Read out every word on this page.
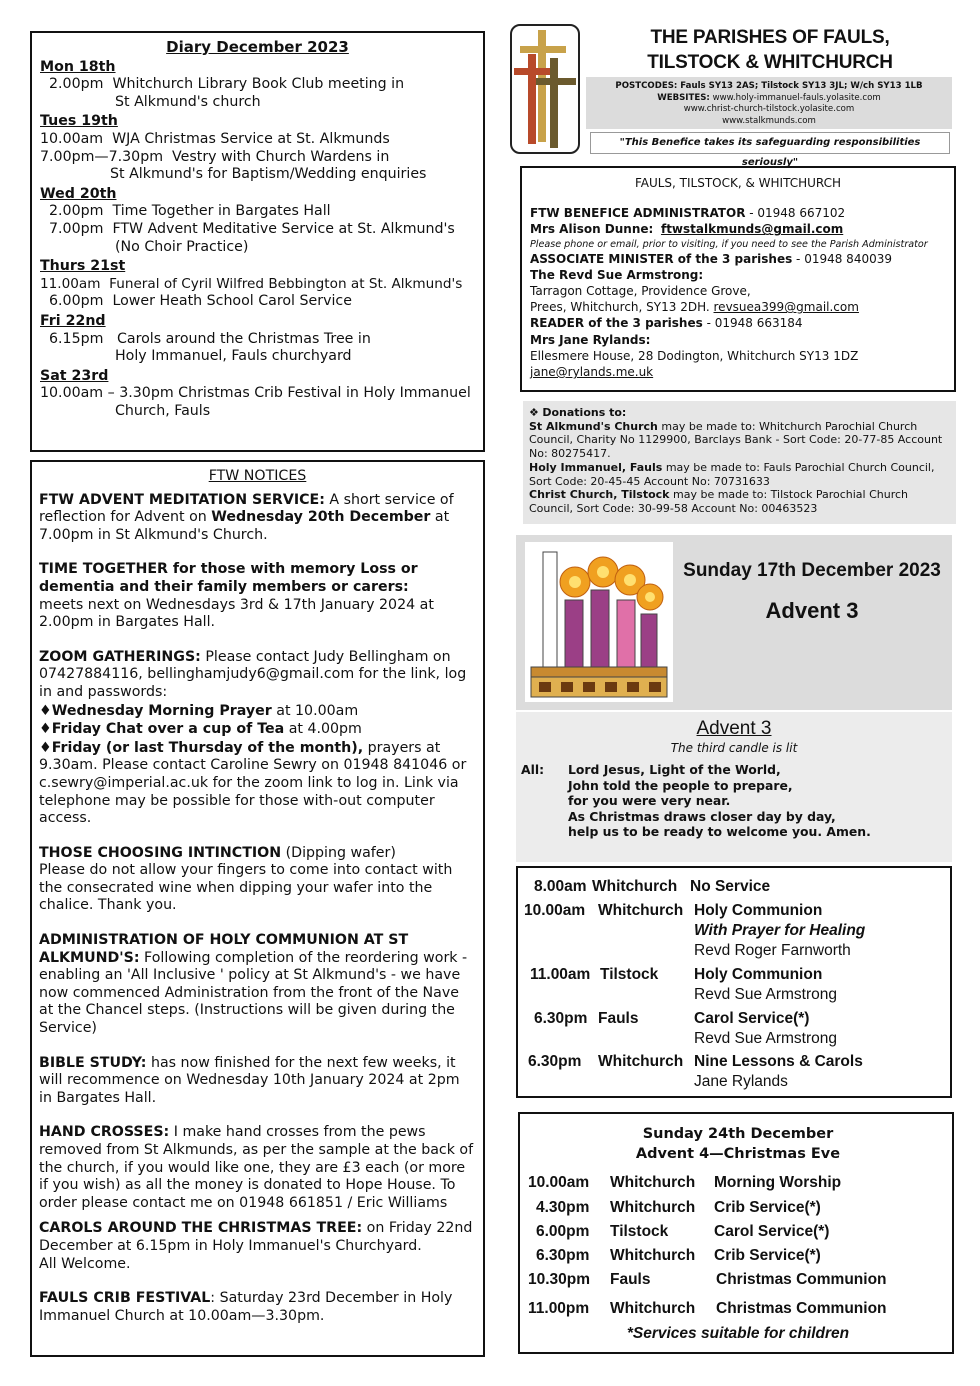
Diary December 2023
Mon 18th
2.00pm Whitchurch Library Book Club meeting in
St Alkmund's church
Tues 19th
10.00am WJA Christmas Service at St. Alkmunds
7.00pm—7.30pm Vestry with Church Wardens in
St Alkmund's for Baptism/Wedding enquiries
Wed 20th
2.00pm Time Together in Bargates Hall
7.00pm FTW Advent Meditative Service at St. Alkmund's
(No Choir Practice)
Thurs 21st
11.00am Funeral of Cyril Wilfred Bebbington at St. Alkmund's
6.00pm Lower Heath School Carol Service
Fri 22nd
6.15pm Carols around the Christmas Tree in
Holy Immanuel, Fauls churchyard
Sat 23rd
10.00am – 3.30pm Christmas Crib Festival in Holy Immanuel
Church, Fauls
FTW NOTICES
FTW ADVENT MEDITATION SERVICE: A short service of reflection for Advent on Wednesday 20th December at 7.00pm in St Alkmund's Church.
TIME TOGETHER for those with memory Loss or dementia and their family members or carers:
meets next on Wednesdays 3rd & 17th January 2024 at 2.00pm in Bargates Hall.
ZOOM GATHERINGS: Please contact Judy Bellingham on 07427884116, bellinghamjudy6@gmail.com for the link, log in and passwords:
♦Wednesday Morning Prayer at 10.00am
♦Friday Chat over a cup of Tea at 4.00pm
♦Friday (or last Thursday of the month), prayers at 9.30am. Please contact Caroline Sewry on 01948 841046 or c.sewry@imperial.ac.uk for the zoom link to log in. Link via telephone may be possible for those with-out computer access.
THOSE CHOOSING INTINCTION (Dipping wafer)
Please do not allow your fingers to come into contact with the consecrated wine when dipping your wafer into the chalice. Thank you.
ADMINISTRATION OF HOLY COMMUNION AT ST ALKMUND'S: Following completion of the reordering work - enabling an 'All Inclusive ' policy at St Alkmund's - we have now commenced Administration from the front of the Nave at the Chancel steps. (Instructions will be given during the Service)
BIBLE STUDY: has now finished for the next few weeks, it will recommence on Wednesday 10th January 2024 at 2pm in Bargates Hall.
HAND CROSSES: I make hand crosses from the pews removed from St Alkmunds, as per the sample at the back of the church, if you would like one, they are £3 each (or more if you wish) as all the money is donated to Hope House. To order please contact me on 01948 661851 / Eric Williams
CAROLS AROUND THE CHRISTMAS TREE: on Friday 22nd December at 6.15pm in Holy Immanuel's Churchyard.
All Welcome.
FAULS CRIB FESTIVAL: Saturday 23rd December in Holy Immanuel Church at 10.00am—3.30pm.
THE PARISHES OF FAULS,
TILSTOCK & WHITCHURCH
POSTCODES: Fauls SY13 2AS; Tilstock SY13 3JL; W/ch SY13 1LB
WEBSITES: www.holy-immanuel-fauls.yolasite.com
www.christ-church-tilstock.yolasite.com
www.stalkmunds.com
"This Benefice takes its safeguarding responsibilities seriously"
FAULS, TILSTOCK, & WHITCHURCH
FTW BENEFICE ADMINISTRATOR - 01948 667102
Mrs Alison Dunne: ftwstalkmunds@gmail.com
Please phone or email, prior to visiting, if you need to see the Parish Administrator
ASSOCIATE MINISTER of the 3 parishes - 01948 840039
The Revd Sue Armstrong:
Tarragon Cottage, Providence Grove,
Prees, Whitchurch, SY13 2DH. revsuea399@gmail.com
READER of the 3 parishes - 01948 663184
Mrs Jane Rylands:
Ellesmere House, 28 Dodington, Whitchurch SY13 1DZ
jane@rylands.me.uk
❖ Donations to:
St Alkmund's Church may be made to: Whitchurch Parochial Church Council, Charity No 1129900, Barclays Bank - Sort Code: 20-77-85 Account No: 80275417.
Holy Immanuel, Fauls may be made to: Fauls Parochial Church Council, Sort Code: 20-45-45 Account No: 70731633
Christ Church, Tilstock may be made to: Tilstock Parochial Church Council, Sort Code: 30-99-58 Account No: 00463523
Sunday 17th December 2023
Advent 3
Advent 3
The third candle is lit
All: Lord Jesus, Light of the World,
John told the people to prepare,
for you were very near.
As Christmas draws closer day by day,
help us to be ready to welcome you. Amen.
8.00am Whitchurch No Service
10.00am Whitchurch Holy Communion
With Prayer for Healing
Revd Roger Farnworth
11.00am Tilstock Holy Communion
Revd Sue Armstrong
6.30pm Fauls	Carol Service(*)
Revd Sue Armstrong
6.30pm Whitchurch Nine Lessons & Carols
Jane Rylands
Sunday 24th December
Advent 4—Christmas Eve
10.00am Whitchurch Morning Worship
4.30pm Whitchurch Crib Service(*)
6.00pm Tilstock	Carol Service(*)
6.30pm Whitchurch Crib Service(*)
10.30pm Fauls	Christmas Communion
11.00pm Whitchurch Christmas Communion
*Services suitable for children
